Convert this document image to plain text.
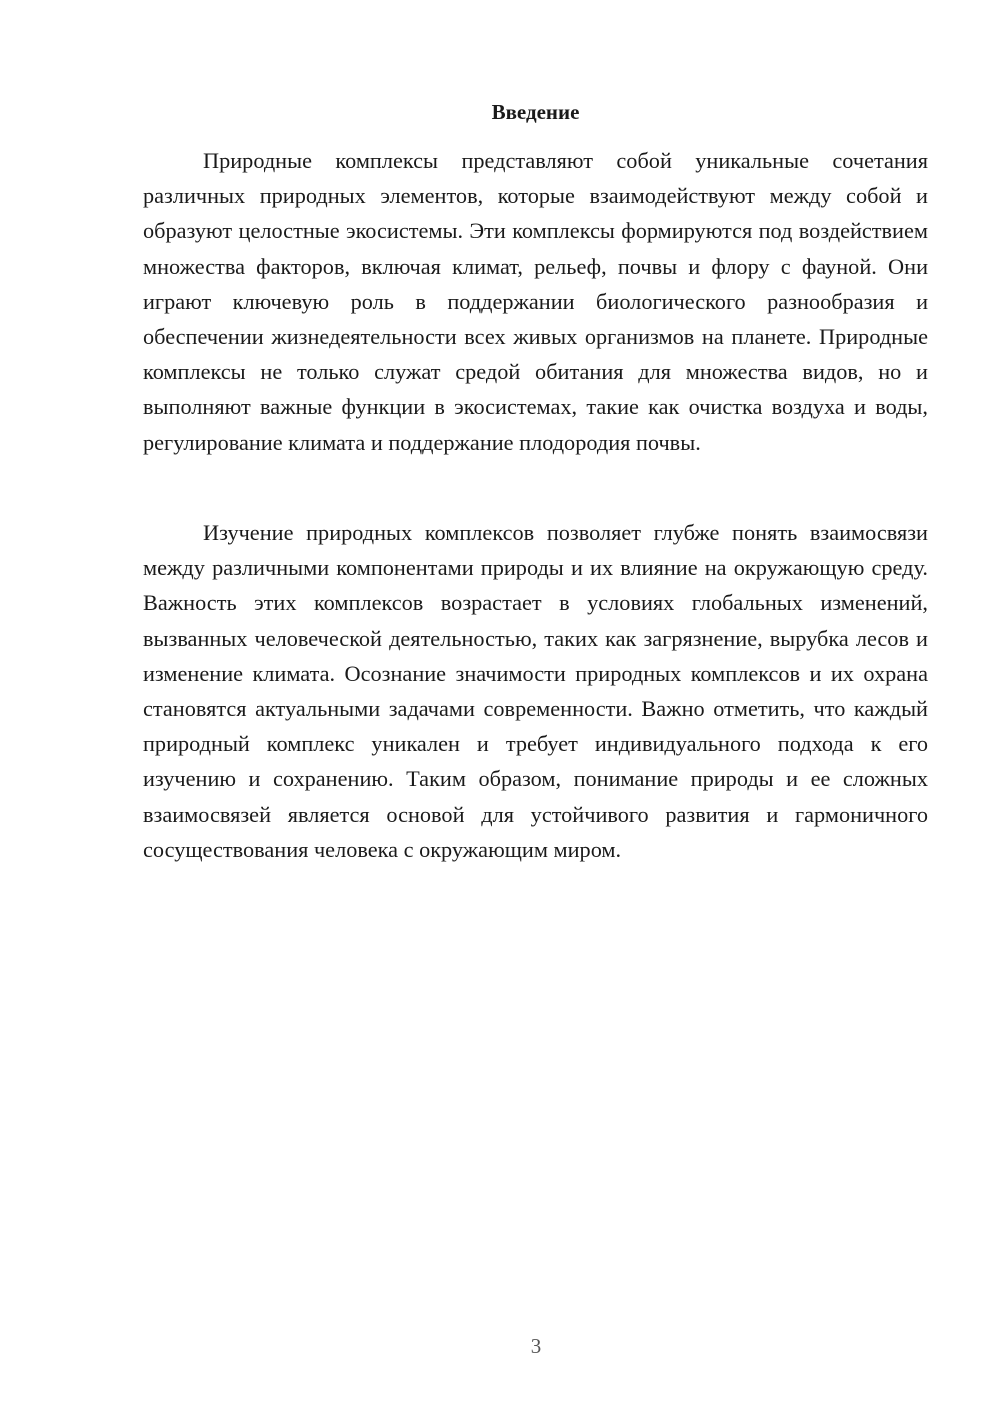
Введение

Природные комплексы представляют собой уникальные сочетания различных природных элементов, которые взаимодействуют между собой и образуют целостные экосистемы. Эти комплексы формируются под воздействием множества факторов, включая климат, рельеф, почвы и флору с фауной. Они играют ключевую роль в поддержании биологического разнообразия и обеспечении жизнедеятельности всех живых организмов на планете. Природные комплексы не только служат средой обитания для множества видов, но и выполняют важные функции в экосистемах, такие как очистка воздуха и воды, регулирование климата и поддержание плодородия почвы.

Изучение природных комплексов позволяет глубже понять взаимосвязи между различными компонентами природы и их влияние на окружающую среду. Важность этих комплексов возрастает в условиях глобальных изменений, вызванных человеческой деятельностью, таких как загрязнение, вырубка лесов и изменение климата. Осознание значимости природных комплексов и их охрана становятся актуальными задачами современности. Важно отметить, что каждый природный комплекс уникален и требует индивидуального подхода к его изучению и сохранению. Таким образом, понимание природы и ее сложных взаимосвязей является основой для устойчивого развития и гармоничного сосуществования человека с окружающим миром.

3
